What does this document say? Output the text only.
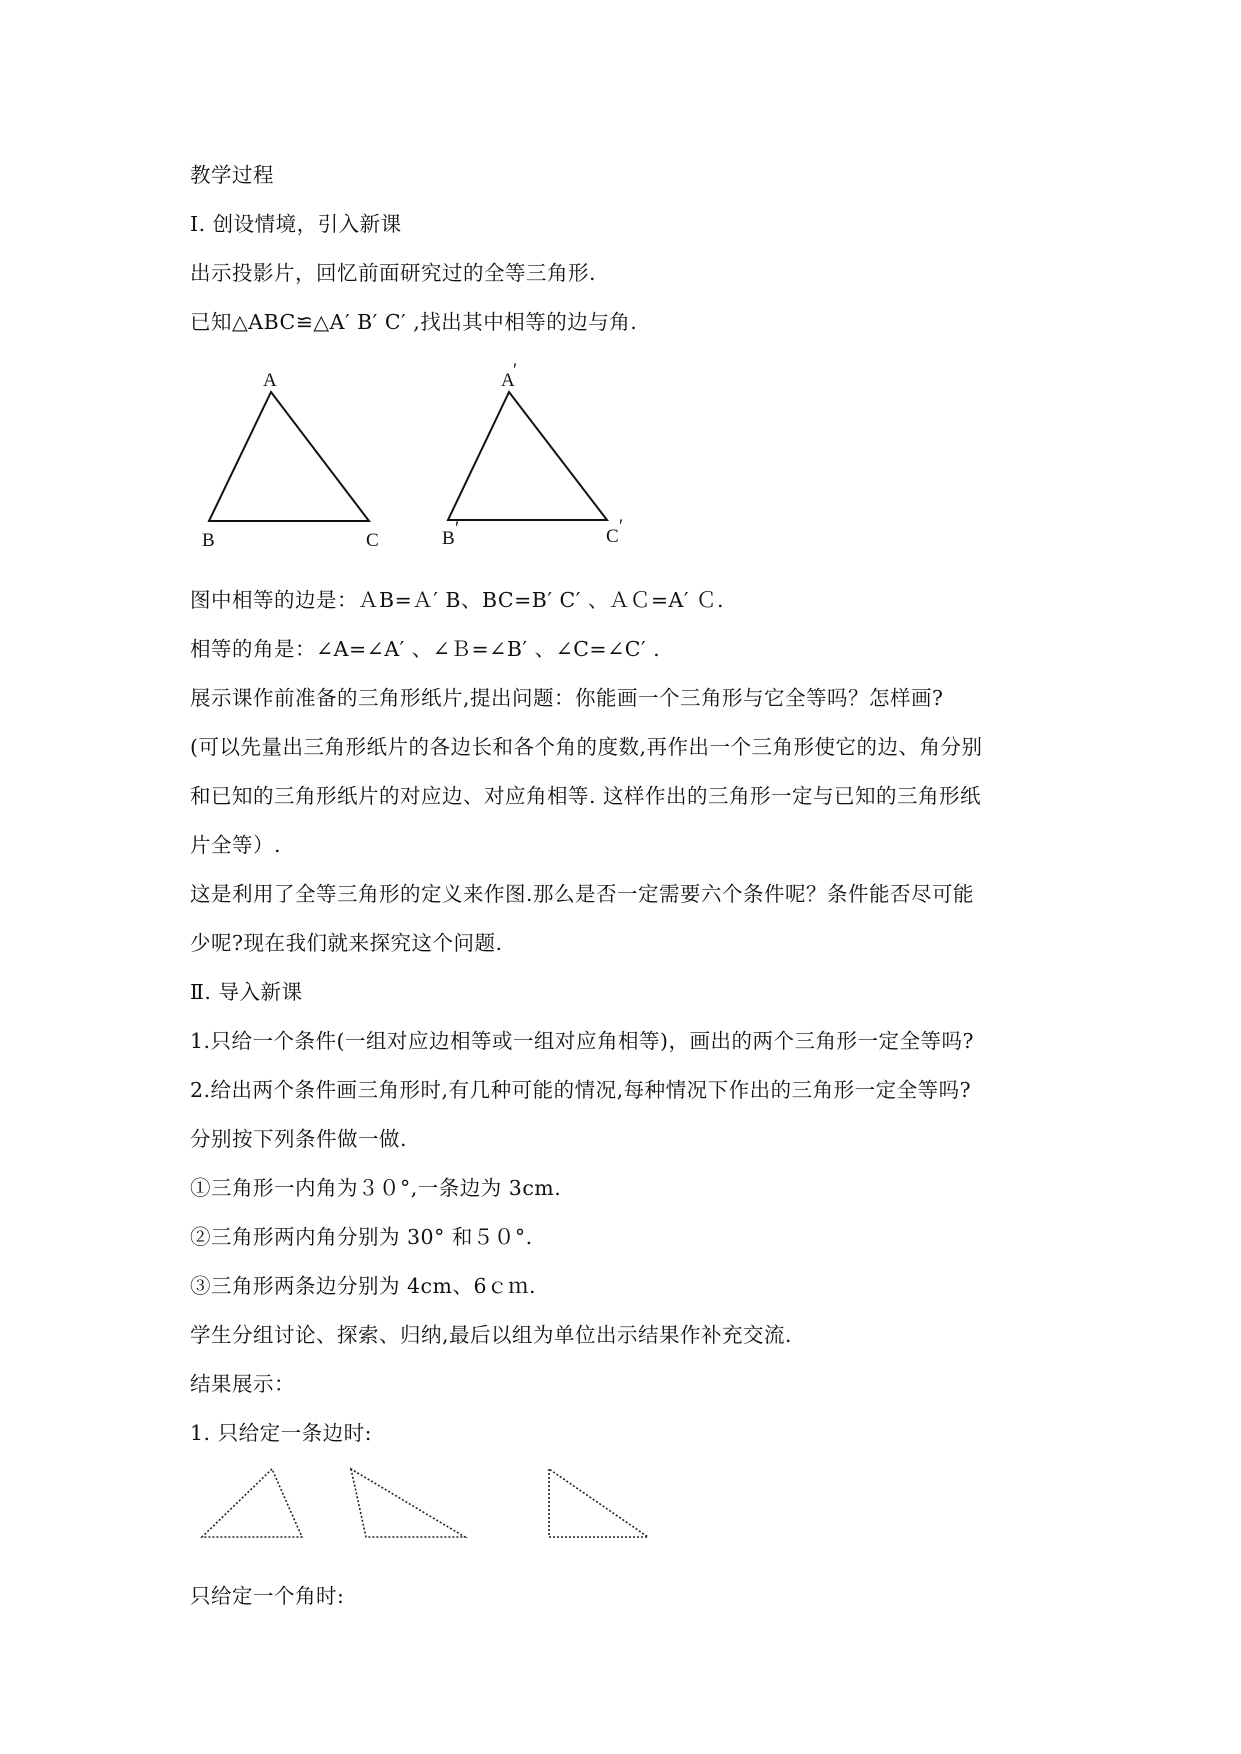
教学过程
Ⅰ. 创设情境，引入新课
出示投影片，回忆前面研究过的全等三角形.
已知△ABC≌△A′ B′ C′ ,找出其中相等的边与角.
A
B	C
A
′
B ′	C ′
图中相等的边是：ＡB=Ａ′ B、BC=B′ C′ 、ＡＣ=A′ Ｃ.
相等的角是：∠A=∠A′ 、∠Ｂ=∠B′ 、∠C=∠C′ .
展示课作前准备的三角形纸片,提出问题：你能画一个三角形与它全等吗？怎样画?
(可以先量出三角形纸片的各边长和各个角的度数,再作出一个三角形使它的边、角分别
和已知的三角形纸片的对应边、对应角相等. 这样作出的三角形一定与已知的三角形纸
片全等）.
这是利用了全等三角形的定义来作图.那么是否一定需要六个条件呢？条件能否尽可能
少呢?现在我们就来探究这个问题.
Ⅱ. 导入新课
1.只给一个条件(一组对应边相等或一组对应角相等)，画出的两个三角形一定全等吗?
2.给出两个条件画三角形时,有几种可能的情况,每种情况下作出的三角形一定全等吗?
分别按下列条件做一做.
①三角形一内角为３０°,一条边为 3cm.
②三角形两内角分别为 30° 和５０°.
③三角形两条边分别为 4cm、6ｃｍ.
学生分组讨论、探索、归纳,最后以组为单位出示结果作补充交流.
结果展示：
1. 只给定一条边时:
只给定一个角时:
